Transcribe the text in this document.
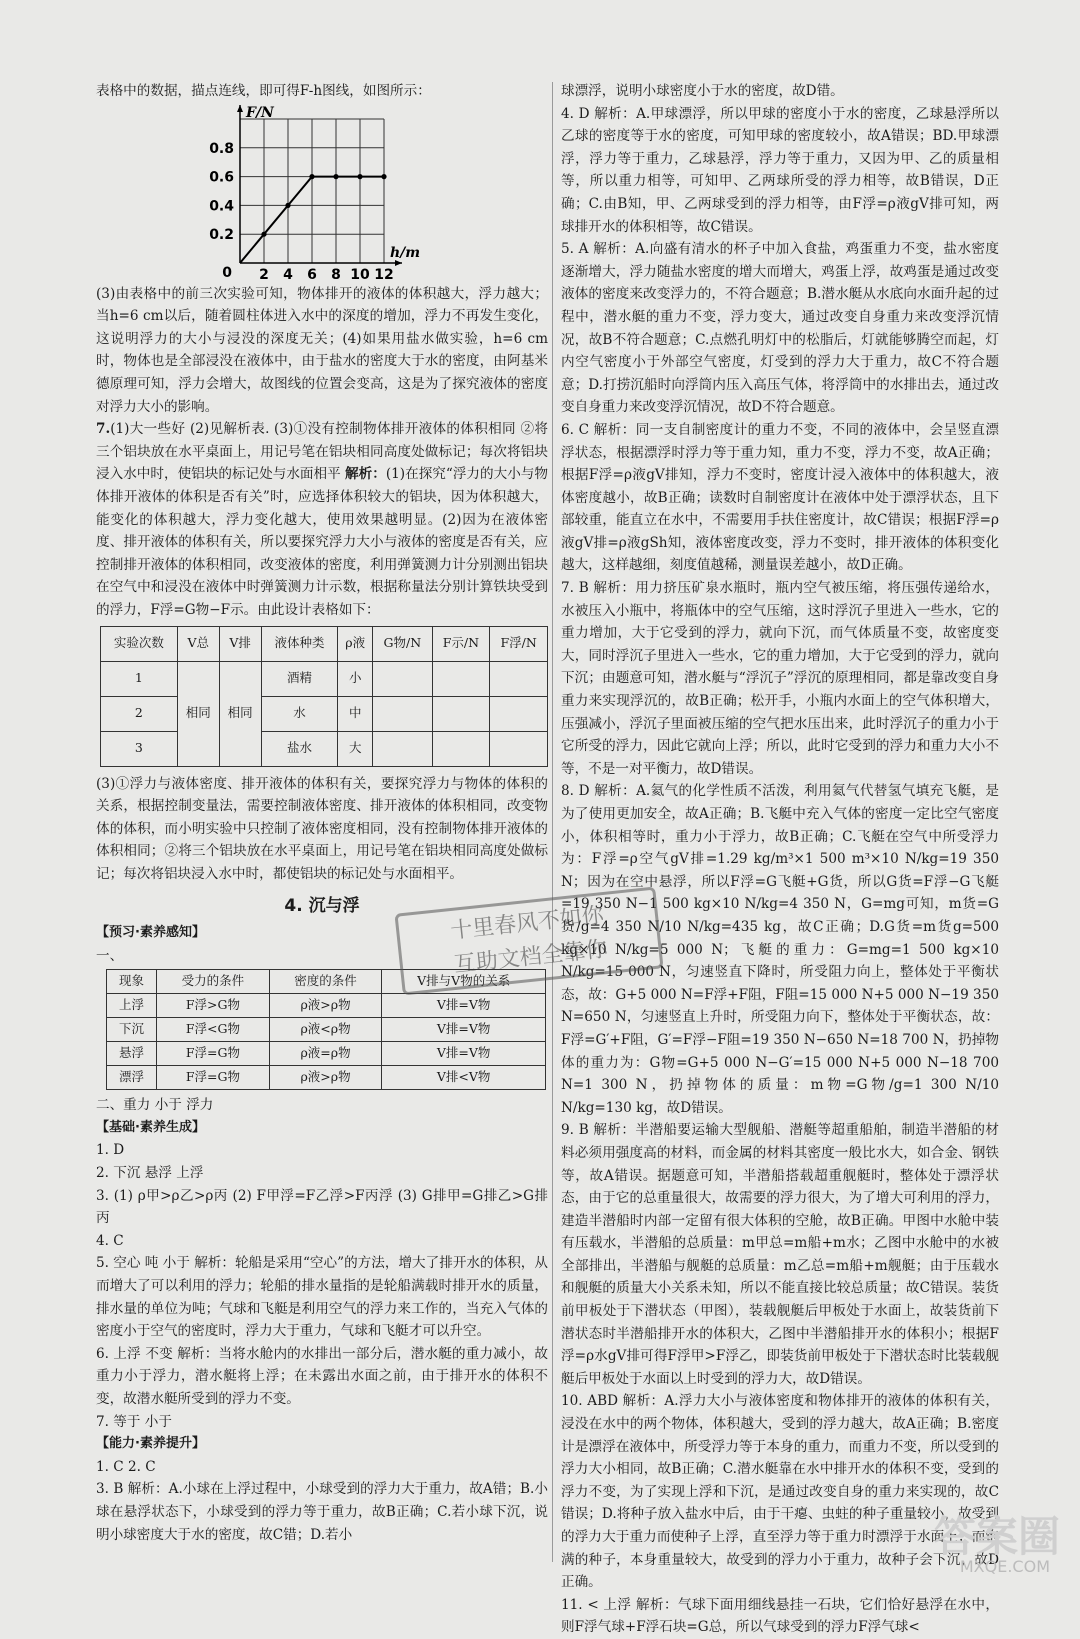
表格中的数据，描点连线，即可得F-h图线，如图所示：

2 4 6 8 10 12
0.2
0.4
0.6
0.8
0
F/N
h/m

(3)由表格中的前三次实验可知，物体排开的液体的体积越大，浮力越大；当h=6 cm以后，随着圆柱体进入水中的深度的增加，浮力不再发生变化，这说明浮力的大小与浸没的深度无关；(4)如果用盐水做实验，h=6 cm时，物体也是全部浸没在液体中，由于盐水的密度大于水的密度，由阿基米德原理可知，浮力会增大，故图线的位置会变高，这是为了探究液体的密度对浮力大小的影响。

7.(1)大一些好 (2)见解析表. (3)①没有控制物体排开液体的体积相同 ②将三个铝块放在水平桌面上，用记号笔在铝块相同高度处做标记；每次将铝块浸入水中时，使铝块的标记处与水面相平 解析：(1)在探究“浮力的大小与物体排开液体的体积是否有关”时，应选择体积较大的铝块，因为体积越大，能变化的体积越大，浮力变化越大，使用效果越明显。(2)因为在液体密度、排开液体的体积有关，所以要探究浮力大小与液体的密度是否有关，应控制排开液体的体积相同，改变液体的密度，利用弹簧测力计分别测出铝块在空气中和浸没在液体中时弹簧测力计示数，根据称量法分别计算铁块受到的浮力，F浮=G物−F示。由此设计表格如下：

实验次数	V总	V排	液体种类	ρ液	G物/N	F示/N	F浮/N
1	相同	相同	酒精	小			
2			水	中			
3			盐水	大			

(3)①浮力与液体密度、排开液体的体积有关，要探究浮力与物体的体积的关系，根据控制变量法，需要控制液体密度、排开液体的体积相同，改变物体的体积，而小明实验中只控制了液体密度相同，没有控制物体排开液体的体积相同；②将三个铝块放在水平桌面上，用记号笔在铝块相同高度处做标记；每次将铝块浸入水中时，都使铝块的标记处与水面相平。

4. 沉与浮
【预习·素养感知】
一、
现象	受力的条件	密度的条件	V排与V物的关系
上浮	F浮>G物	ρ液>ρ物	V排=V物
下沉	F浮<G物	ρ液<ρ物	V排=V物
悬浮	F浮=G物	ρ液=ρ物	V排=V物
漂浮	F浮=G物	ρ液>ρ物	V排<V物

二、重力 小于 浮力

【基础·素养生成】

1. D

2. 下沉 悬浮 上浮

3. (1) ρ甲>ρ乙>ρ丙 (2) F甲浮=F乙浮>F丙浮 (3) G排甲=G排乙>G排丙

4. C

5. 空心 吨 小于 解析：轮船是采用“空心”的方法，增大了排开水的体积，从而增大了可以利用的浮力；轮船的排水量指的是轮船满载时排开水的质量，排水量的单位为吨；气球和飞艇是利用空气的浮力来工作的，当充入气体的密度小于空气的密度时，浮力大于重力，气球和飞艇才可以升空。

6. 上浮 不变 解析：当将水舱内的水排出一部分后，潜水艇的重力减小，故重力小于浮力，潜水艇将上浮；在未露出水面之前，由于排开水的体积不变，故潜水艇所受到的浮力不变。

7. 等于 小于

【能力·素养提升】

1. C 2. C

3. B 解析：A.小球在上浮过程中，小球受到的浮力大于重力，故A错；B.小球在悬浮状态下，小球受到的浮力等于重力，故B正确；C.若小球下沉，说明小球密度大于水的密度，故C错；D.若小

球漂浮，说明小球密度小于水的密度，故D错。

4. D 解析：A.甲球漂浮，所以甲球的密度小于水的密度，乙球悬浮所以乙球的密度等于水的密度，可知甲球的密度较小，故A错误；BD.甲球漂浮，浮力等于重力，乙球悬浮，浮力等于重力，又因为甲、乙的质量相等，所以重力相等，可知甲、乙两球所受的浮力相等，故B错误，D正确；C.由B知，甲、乙两球受到的浮力相等，由F浮=ρ液gV排可知，两球排开水的体积相等，故C错误。

5. A 解析：A.向盛有清水的杯子中加入食盐，鸡蛋重力不变，盐水密度逐渐增大，浮力随盐水密度的增大而增大，鸡蛋上浮，故鸡蛋是通过改变液体的密度来改变浮力的，不符合题意；B.潜水艇从水底向水面升起的过程中，潜水艇的重力不变，浮力变大，通过改变自身重力来改变浮沉情况，故B不符合题意；C.点燃孔明灯中的松脂后，灯就能够腾空而起，灯内空气密度小于外部空气密度，灯受到的浮力大于重力，故C不符合题意；D.打捞沉船时向浮筒内压入高压气体，将浮筒中的水排出去，通过改变自身重力来改变浮沉情况，故D不符合题意。

6. C 解析：同一支自制密度计的重力不变，不同的液体中，会呈竖直漂浮状态，根据漂浮时浮力等于重力知，重力不变，浮力不变，故A正确；根据F浮=ρ液gV排知，浮力不变时，密度计浸入液体中的体积越大，液体密度越小，故B正确；读数时自制密度计在液体中处于漂浮状态，且下部较重，能直立在水中，不需要用手扶住密度计，故C错误；根据F浮=ρ液gV排=ρ液gSh知，液体密度改变，浮力不变时，排开液体的体积变化越大，这样越细，刻度值越稀，测量误差越小，故D正确。

7. B 解析：用力挤压矿泉水瓶时，瓶内空气被压缩，将压强传递给水，水被压入小瓶中，将瓶体中的空气压缩，这时浮沉子里进入一些水，它的重力增加，大于它受到的浮力，就向下沉，而气体质量不变，故密度变大，同时浮沉子里进入一些水，它的重力增加，大于它受到的浮力，就向下沉；由题意可知，潜水艇与“浮沉子”浮沉的原理相同，都是靠改变自身重力来实现浮沉的，故B正确；松开手，小瓶内水面上的空气体积增大，压强减小，浮沉子里面被压缩的空气把水压出来，此时浮沉子的重力小于它所受的浮力，因此它就向上浮；所以，此时它受到的浮力和重力大小不等，不是一对平衡力，故D错误。

8. D 解析：A.氦气的化学性质不活泼，利用氦气代替氢气填充飞艇，是为了使用更加安全，故A正确；B.飞艇中充入气体的密度一定比空气密度小，体积相等时，重力小于浮力，故B正确；C.飞艇在空气中所受浮力为：F浮=ρ空气gV排=1.29 kg/m³×1 500 m³×10 N/kg=19 350 N；因为在空中悬浮，所以F浮=G飞艇+G货，所以G货=F浮−G飞艇=19 350 N−1 500 kg×10 N/kg=4 350 N，G=mg可知，m货=G货/g=4 350 N/10 N/kg=435 kg，故C正确；D.G货=m货g=500 kg×10 N/kg=5 000 N；飞艇的重力：G=mg=1 500 kg×10 N/kg=15 000 N，匀速竖直下降时，所受阻力向上，整体处于平衡状态，故：G+5 000 N=F浮+F阻，F阻=15 000 N+5 000 N−19 350 N=650 N，匀速竖直上升时，所受阻力向下，整体处于平衡状态，故：F浮=G′+F阻，G′=F浮−F阻=19 350 N−650 N=18 700 N，扔掉物体的重力为：G物=G+5 000 N−G′=15 000 N+5 000 N−18 700 N=1 300 N，扔掉物体的质量：m物=G物/g=1 300 N/10 N/kg=130 kg，故D错误。

9. B 解析：半潜船要运输大型舰船、潜艇等超重船舶，制造半潜船的材料必须用强度高的材料，而金属的材料其密度一般比水大，如合金、钢铁等，故A错误。据题意可知，半潜船搭载超重舰艇时，整体处于漂浮状态，由于它的总重量很大，故需要的浮力很大，为了增大可利用的浮力，建造半潜船时内部一定留有很大体积的空舱，故B正确。甲图中水舱中装有压载水，半潜船的总质量：m甲总=m船+m水；乙图中水舱中的水被全部排出，半潜船与舰艇的总质量：m乙总=m船+m舰艇；由于压载水和舰艇的质量大小关系未知，所以不能直接比较总质量；故C错误。装货前甲板处于下潜状态（甲图），装载舰艇后甲板处于水面上，故装货前下潜状态时半潜船排开水的体积大，乙图中半潜船排开水的体积小；根据F浮=ρ水gV排可得F浮甲>F浮乙，即装货前甲板处于下潜状态时比装载舰艇后甲板处于水面以上时受到的浮力大，故D错误。

10. ABD 解析：A.浮力大小与液体密度和物体排开的液体的体积有关，浸没在水中的两个物体，体积越大，受到的浮力越大，故A正确；B.密度计是漂浮在液体中，所受浮力等于本身的重力，而重力不变，所以受到的浮力大小相同，故B正确；C.潜水艇靠在水中排开水的体积不变，受到的浮力不变，为了实现上浮和下沉，是通过改变自身的重力来实现的，故C错误；D.将种子放入盐水中后，由于干瘪、虫蛀的种子重量较小，故受到的浮力大于重力而使种子上浮，直至浮力等于重力时漂浮于水面上；而饱满的种子，本身重量较大，故受到的浮力小于重力，故种子会下沉，故D正确。

11. < 上浮 解析：气球下面用细线悬挂一石块，它们恰好悬浮在水中，则F浮气球+F浮石块=G总，所以气球受到的浮力F浮气球<

十里春风不如你
互助文档全靠你
答案圈
MXQE.COM
